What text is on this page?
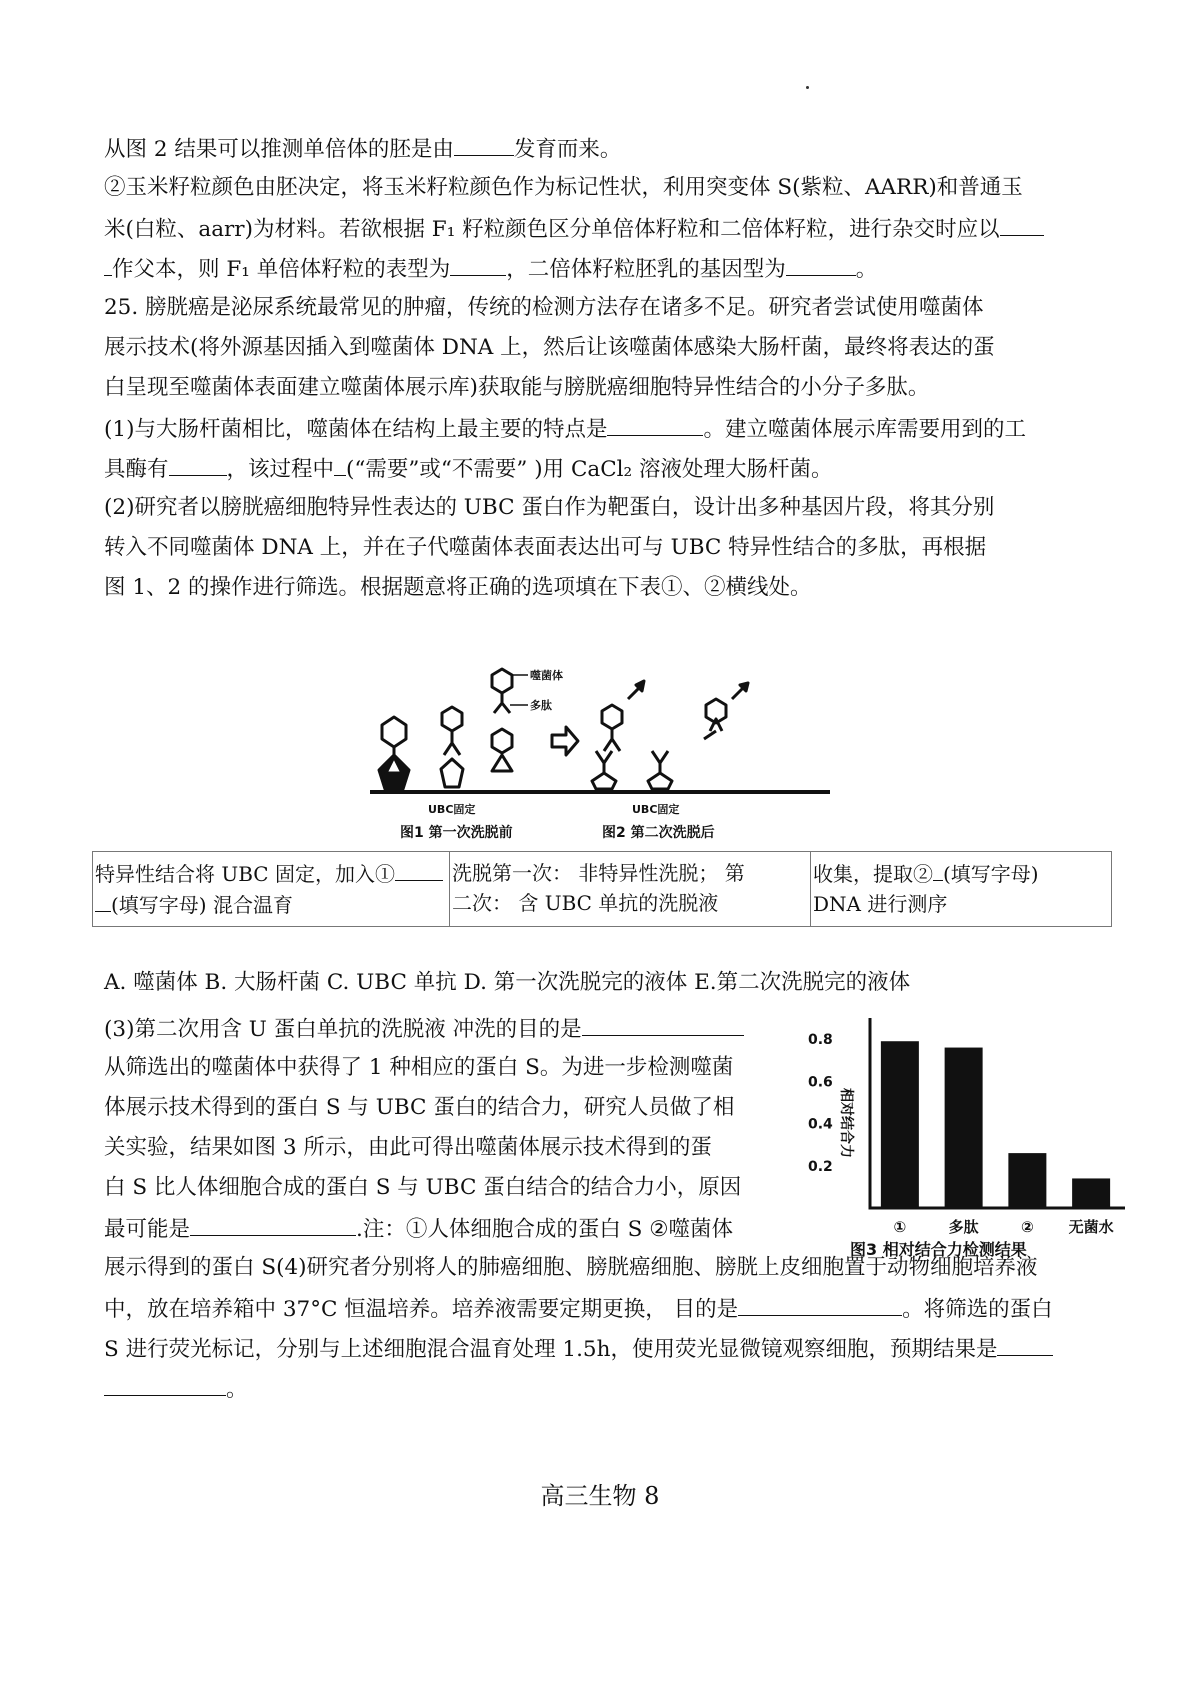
从图 2 结果可以推测单倍体的胚是由	发育而来。
②玉米籽粒颜色由胚决定，将玉米籽粒颜色作为标记性状，利用突变体 S(紫粒、AARR)和普通玉
米(白粒、aarr)为材料。若欲根据 F₁ 籽粒颜色区分单倍体籽粒和二倍体籽粒，进行杂交时应以
作父本，则 F₁ 单倍体籽粒的表型为	，二倍体籽粒胚乳的基因型为	。
25. 膀胱癌是泌尿系统最常见的肿瘤，传统的检测方法存在诸多不足。研究者尝试使用噬菌体
展示技术(将外源基因插入到噬菌体 DNA 上，然后让该噬菌体感染大肠杆菌，最终将表达的蛋
白呈现至噬菌体表面建立噬菌体展示库)获取能与膀胱癌细胞特异性结合的小分子多肽。
(1)与大肠杆菌相比，噬菌体在结构上最主要的特点是	。建立噬菌体展示库需要用到的工
具酶有	，该过程中 (“需要”或“不需要” )用 CaCl₂ 溶液处理大肠杆菌。
(2)研究者以膀胱癌细胞特异性表达的 UBC 蛋白作为靶蛋白，设计出多种基因片段，将其分别
转入不同噬菌体 DNA 上，并在子代噬菌体表面表达出可与 UBC 特异性结合的多肽，再根据
图 1、2 的操作进行筛选。根据题意将正确的选项填在下表①、②横线处。
噬菌体
多肽
UBC固定	UBC固定
图1 第一次洗脱前	图2 第二次洗脱后
特异性结合将 UBC 固定，加入①
(填写字母) 混合温育	洗脱第一次： 非特异性洗脱； 第
二次： 含 UBC 单抗的洗脱液	收集，提取② (填写字母)
DNA 进行测序
A. 噬菌体 B. 大肠杆菌 C. UBC 单抗 D. 第一次洗脱完的液体 E.第二次洗脱完的液体
(3)第二次用含 U 蛋白单抗的洗脱液 冲洗的目的是
从筛选出的噬菌体中获得了 1 种相应的蛋白 S。为进一步检测噬菌
体展示技术得到的蛋白 S 与 UBC 蛋白的结合力，研究人员做了相
关实验，结果如图 3 所示，由此可得出噬菌体展示技术得到的蛋
白 S 比人体细胞合成的蛋白 S 与 UBC 蛋白结合的结合力小，原因
最可能是	.注：①人体细胞合成的蛋白 S ②噬菌体
0.2
0.4
0.6
0.8
①	多肽	② 无菌水
相对结合力
图3 相对结合力检测结果
展示得到的蛋白 S(4)研究者分别将人的肺癌细胞、膀胱癌细胞、膀胱上皮细胞置于动物细胞培养液
中，放在培养箱中 37°C 恒温培养。培养液需要定期更换， 目的是	。将筛选的蛋白
S 进行荧光标记，分别与上述细胞混合温育处理 1.5h，使用荧光显微镜观察细胞，预期结果是
。
高三生物 8
